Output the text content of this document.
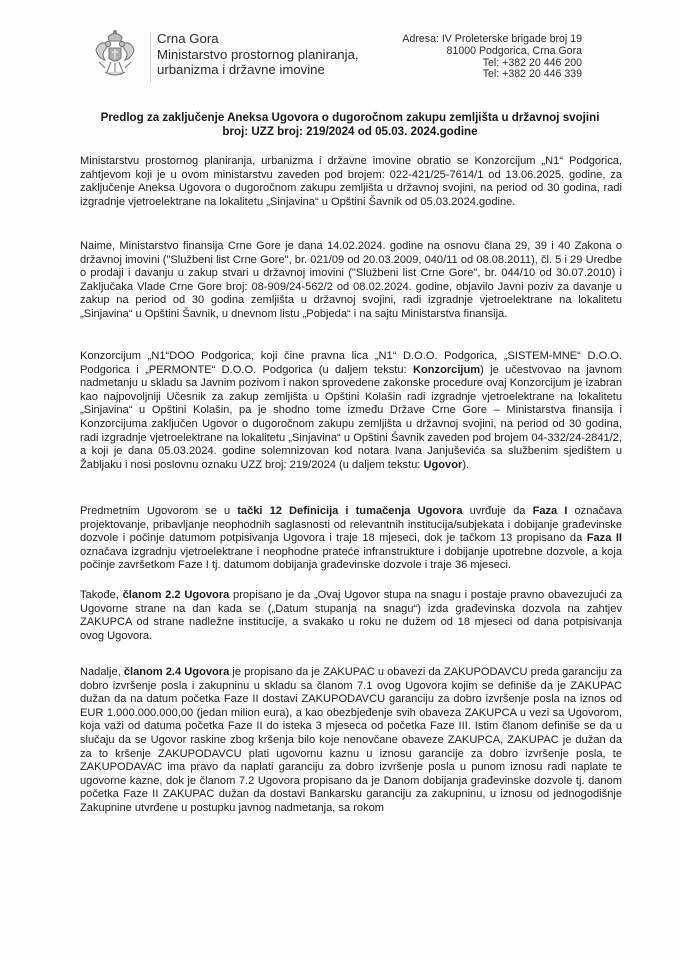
Crna Gora
Ministarstvo prostornog planiranja,
urbanizma i državne imovine
Adresa: IV Proleterske brigade broj 19
81000 Podgorica, Crna Gora
Tel: +382 20 446 200
Tel: +382 20 446 339
Predlog za zaključenje Aneksa Ugovora o dugoročnom zakupu zemljišta u državnoj svojini
broj: UZZ broj: 219/2024 od 05.03. 2024.godine

Ministarstvu prostornog planiranja, urbanizma i državne imovine obratio se Konzorcijum „N1“ Podgorica, zahtjevom koji je u ovom ministarstvu zaveden pod brojem: 022-421/25-7614/1 od 13.06.2025. godine, za zaključenje Aneksa Ugovora o dugoročnom zakupu zemljišta u državnoj svojini, na period od 30 godina, radi izgradnje vjetroelektrane na lokalitetu „Sinjavina“ u Opštini Šavnik od 05.03.2024.godine.

Naime, Ministarstvo finansija Crne Gore je dana 14.02.2024. godine na osnovu člana 29, 39 i 40 Zakona o državnoj imovini ("Službeni list Crne Gore", br. 021/09 od 20.03.2009, 040/11 od 08.08.2011), čl. 5 i 29 Uredbe o prodaji i davanju u zakup stvari u državnoj imovini ("Službeni list Crne Gore", br. 044/10 od 30.07.2010) i Zaključaka Vlade Crne Gore broj: 08-909/24-562/2 od 08.02.2024. godine, objavilo Javni poziv za davanje u zakup na period od 30 godina zemljišta u državnoj svojini, radi izgradnje vjetroelektrane na lokalitetu „Sinjavina“ u Opštini Šavnik, u dnevnom listu „Pobjeda“ i na sajtu Ministarstva finansija.

Konzorcijum „N1“DOO Podgorica, koji čine pravna lica „N1“ D.O.O. Podgorica, „SISTEM-MNE“ D.O.O. Podgorica i „PERMONTE“ D.O.O. Podgorica (u daljem tekstu: Konzorcijum) je učestvovao na javnom nadmetanju u skladu sa Javnim pozivom i nakon sprovedene zakonske procedure ovaj Konzorcijum je izabran kao najpovoljniji Učesnik za zakup zemljišta u Opštini Kolašin radi izgradnje vjetroelektrane na lokalitetu „Sinjavina“ u Opštini Kolašin, pa je shodno tome između Države Crne Gore – Ministarstva finansija i Konzorcijuma zaključen Ugovor o dugoročnom zakupu zemljišta u državnoj svojini, na period od 30 godina, radi izgradnje vjetroelektrane na lokalitetu „Sinjavina“ u Opštini Šavnik zaveden pod brojem 04-332/24-2841/2, a koji je dana 05.03.2024. godine solemnizovan kod notara Ivana Janjuševića sa službenim sjedištem u Žabljaku i nosi poslovnu oznaku UZZ broj: 219/2024 (u daljem tekstu: Ugovor).

Predmetnim Ugovorom se u tački 12 Definicija i tumačenja Ugovora uvrđuje da Faza I označava projektovanje, pribavljanje neophodnih saglasnosti od relevantnih institucija/subjekata i dobijanje građevinske dozvole i počinje datumom potpisivanja Ugovora i traje 18 mjeseci, dok je tačkom 13 propisano da Faza II označava izgradnju vjetroelektrane i neophodne prateće infranstrukture i dobijanje upotrebne dozvole, a koja počinje završetkom Faze I tj. datumom dobijanja građevinske dozvole i traje 36 mjeseci.

Takođe, članom 2.2 Ugovora propisano je da „Ovaj Ugovor stupa na snagu i postaje pravno obavezujući za Ugovorne strane na dan kada se („Datum stupanja na snagu“) izda građevinska dozvola na zahtjev ZAKUPCA od strane nadležne institucije, a svakako u roku ne dužem od 18 mjeseci od dana potpisivanja ovog Ugovora.

Nadalje, članom 2.4 Ugovora je propisano da je ZAKUPAC u obavezi da ZAKUPODAVCU preda garanciju za dobro izvršenje posla i zakupninu u skladu sa članom 7.1 ovog Ugovora kojim se definiše da je ZAKUPAC dužan da na datum početka Faze II dostavi ZAKUPODAVCU garanciju za dobro izvršenje posla na iznos od EUR 1.000.000.000,00 (jedan milion eura), a kao obezbjeđenje svih obaveza ZAKUPCA u vezi sa Ugovorom, koja važi od datuma početka Faze II do isteka 3 mjeseca od početka Faze III. Istim članom definiše se da u slučaju da se Ugovor raskine zbog kršenja bilo koje nenovčane obaveze ZAKUPCA, ZAKUPAC je dužan da za to kršenje ZAKUPODAVCU plati ugovornu kaznu u iznosu garancije za dobro izvršenje posla, te ZAKUPODAVAC ima pravo da naplati garanciju za dobro izvršenje posla u punom iznosu radi naplate te ugovorne kazne, dok je članom 7.2 Ugovora propisano da je Danom dobijanja građevinske dozvole tj. danom početka Faze II ZAKUPAC dužan da dostavi Bankarsku garanciju za zakupninu, u iznosu od jednogodišnje Zakupnine utvrđene u postupku javnog nadmetanja, sa rokom
